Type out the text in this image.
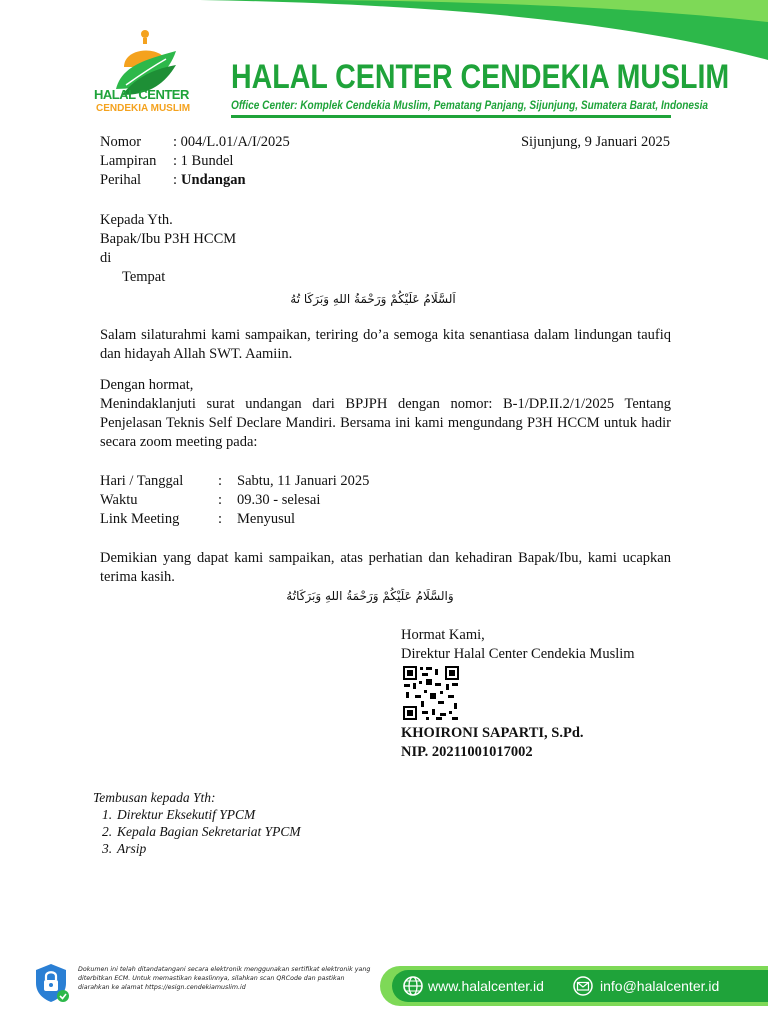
HALAL CENTER
CENDEKIA MUSLIM
HALAL CENTER CENDEKIA MUSLIM
Office Center: Komplek Cendekia Muslim, Pematang Panjang, Sijunjung, Sumatera Barat, Indonesia
Nomor	: 004/L.01/A/I/2025
Lampiran	: 1 Bundel
Perihal	: Undangan
Sijunjung, 9 Januari 2025
Kepada Yth.
Bapak/Ibu P3H HCCM
di
Tempat
اَلسَّلَامُ عَلَيْكُمْ وَرَحْمَةُ اللهِ وَبَرَكَا تُهُ
Salam silaturahmi kami sampaikan, teriring do’a semoga kita senantiasa dalam lindungan taufiq dan hidayah Allah SWT. Aamiin.
Dengan hormat,
Menindaklanjuti surat undangan dari BPJPH dengan nomor: B-1/DP.II.2/1/2025 Tentang Penjelasan Teknis Self Declare Mandiri. Bersama ini kami mengundang P3H HCCM untuk hadir secara zoom meeting pada:
Hari / Tanggal	:	Sabtu, 11 Januari 2025
Waktu	:	09.30 - selesai
Link Meeting	:	Menyusul
Demikian yang dapat kami sampaikan, atas perhatian dan kehadiran Bapak/Ibu, kami ucapkan terima kasih.
وَالسَّلَامُ عَلَيْكُمْ وَرَحْمَةُ اللهِ وَبَرَكَاتُهُ
Hormat Kami,
Direktur Halal Center Cendekia Muslim
KHOIRONI SAPARTI, S.Pd.
NIP. 20211001017002
Tembusan kepada Yth:
1. Direktur Eksekutif YPCM
2. Kepala Bagian Sekretariat YPCM
3. Arsip
Dokumen ini telah ditandatangani secara elektronik menggunakan sertifikat elektronik yang diterbitkan ECM. Untuk memastikan keaslinnya, silahkan scan QRCode dan pastikan diarahkan ke alamat https://esign.cendekiamuslim.id	www.halalcenter.id	info@halalcenter.id
